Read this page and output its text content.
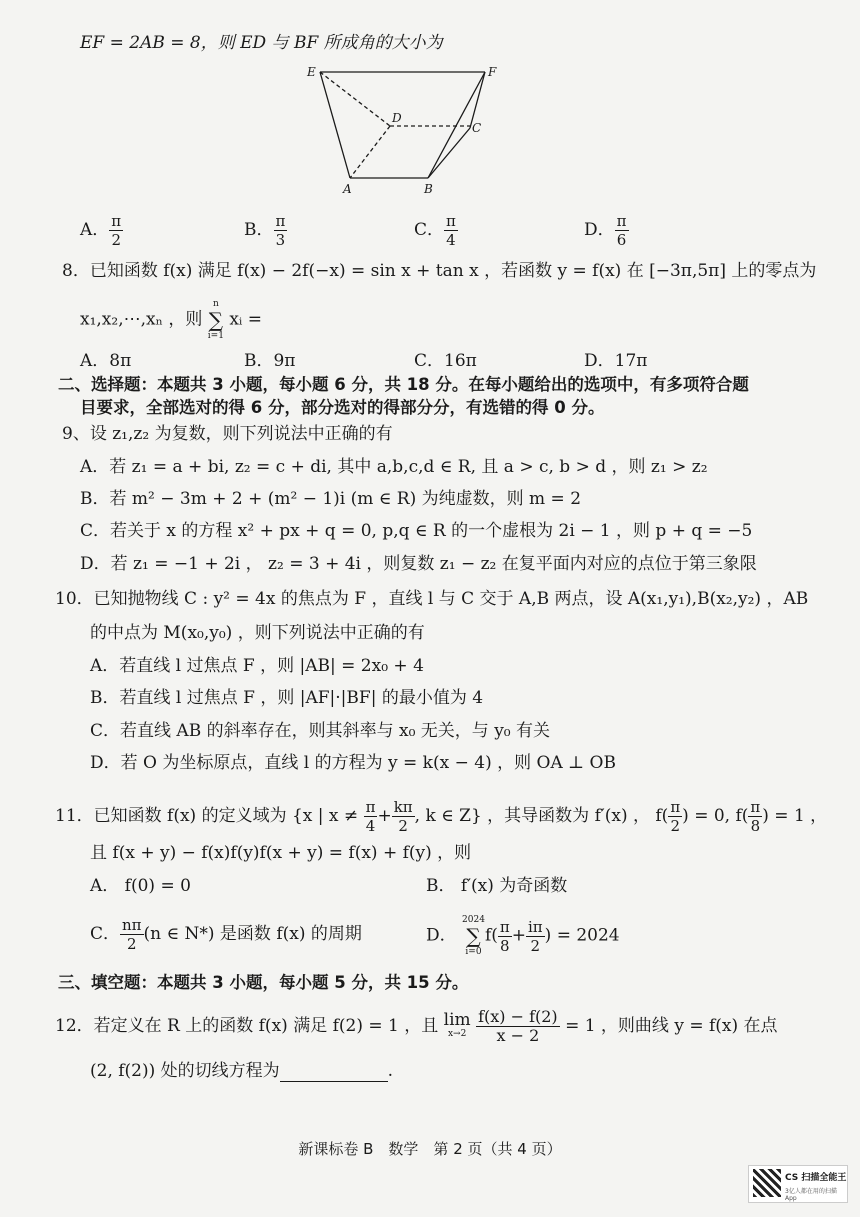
EF = 2AB = 8，则 ED 与 BF 所成角的大小为
E	F
D
C
A	B
A． $\frac{\pi}{2}$	B． $\frac{\pi}{3}$	C． $\frac{\pi}{4}$	D． $\frac{\pi}{6}$
8．已知函数 f(x) 满足 f(x) − 2f(−x) = sin x + tan x ，若函数 y = f(x) 在 [−3π,5π] 上的零点为
x₁,x₂,⋯,xₙ ，则
n
∑
i=1
xᵢ =
A．8π	B．9π	C．16π	D．17π
二、选择题：本题共 3 小题，每小题 6 分，共 18 分。在每小题给出的选项中，有多项符合题
目要求，全部选对的得 6 分，部分选对的得部分分，有选错的得 0 分。
9、设 z₁,z₂ 为复数，则下列说法中正确的有
A．若 z₁ = a + bi, z₂ = c + di, 其中 a,b,c,d ∈ R, 且 a > c, b > d ，则 z₁ > z₂
B．若 m² − 3m + 2 + (m² − 1)i (m ∈ R) 为纯虚数，则 m = 2
C．若关于 x 的方程 x² + px + q = 0, p,q ∈ R 的一个虚根为 2i − 1 ，则 p + q = −5
D．若 z₁ = −1 + 2i ， z₂ = 3 + 4i ，则复数 z₁ − z₂ 在复平面内对应的点位于第三象限
10．已知抛物线 C : y² = 4x 的焦点为 F ，直线 l 与 C 交于 A,B 两点，设 A(x₁,y₁),B(x₂,y₂) ，AB
的中点为 M(x₀,y₀) ，则下列说法中正确的有
A．若直线 l 过焦点 F ，则 |AB| = 2x₀ + 4
B．若直线 l 过焦点 F ，则 |AF|·|BF| 的最小值为 4
C．若直线 AB 的斜率存在，则其斜率与 x₀ 无关，与 y₀ 有关
D．若 O 为坐标原点，直线 l 的方程为 y = k(x − 4) ，则 OA ⊥ OB
11．已知函数 f(x) 的定义域为 {x | $x \ne \frac{\pi}{4} + \frac{k\pi}{2}$ , k ∈ Z} ，其导函数为 f′(x) ， $f( \frac{\pi}{2}$ ) = 0, $f( \frac{\pi}{8}$ ) = 1 ，
且 f(x + y) − f(x)f(y)f(x + y) = f(x) + f(y) ，则
A． f(0) = 0	B． f′(x) 为奇函数
C． $\frac{n\pi}{2} (n$ ∈ N*) 是函数 f(x) 的周期	D．
2024
∑
i=0
$f( \frac{\pi}{8} + \frac{i\pi}{2}$ ) = 2024
三、填空题：本题共 3 小题，每小题 5 分，共 15 分。
12．若定义在 R 上的函数 f(x) 满足 f(2) = 1 ，且 lim
x→2
$\frac{f(x) - f(2)}{x - 2} = 1$ ，则曲线 y = f(x) 在点
(2, f(2)) 处的切线方程为	.
新课标卷 B　数学　第 2 页（共 4 页）
CS 扫描全能王
3亿人都在用的扫描App
